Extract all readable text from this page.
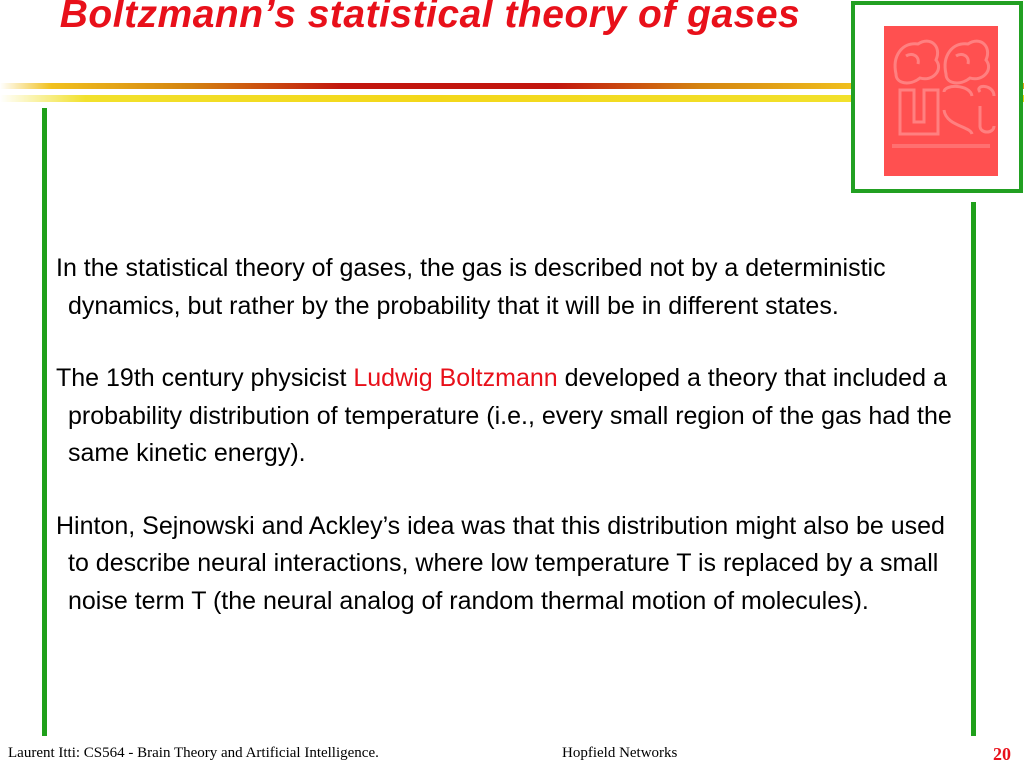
Boltzmann’s statistical theory of gases

In the statistical theory of gases, the gas is described not by a deterministic dynamics, but rather by the probability that it will be in different states.

The 19th century physicist Ludwig Boltzmann developed a theory that included a probability distribution of temperature (i.e., every small region of the gas had the same kinetic energy).

Hinton, Sejnowski and Ackley’s idea was that this distribution might also be used to describe neural interactions, where low temperature T is replaced by a small noise term T (the neural analog of random thermal motion of molecules).

Laurent Itti: CS564 - Brain Theory and Artificial Intelligence.	Hopfield Networks	20
